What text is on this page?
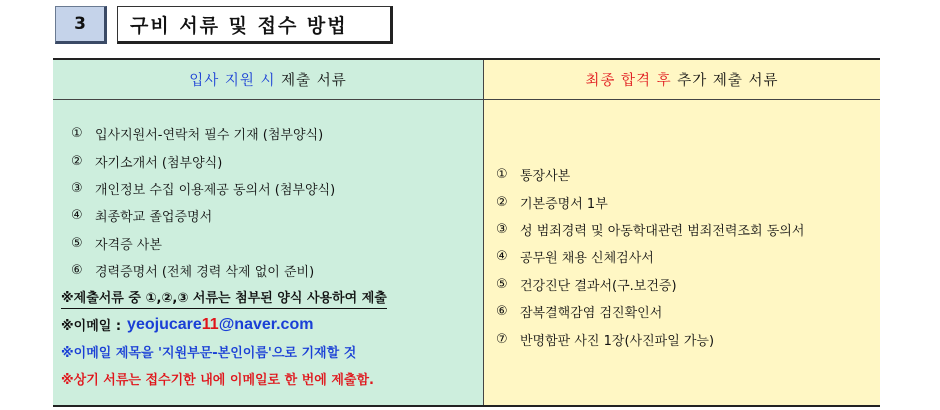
3	구비 서류 및 접수 방법
입사 지원 시
제출 서류
① 입사지원서-연락처 필수 기재 (첨부양식)
② 자기소개서 (첨부양식)
③ 개인정보 수집 이용제공 동의서 (첨부양식)
④ 최종학교 졸업증명서
⑤ 자격증 사본
⑥ 경력증명서 (전체 경력 삭제 없이 준비)
※제출서류 중 ①,②,③ 서류는 첨부된 양식 사용하여 제출
※이메일 : yeojucare11@naver.com
※이메일 제목을 '지원부문-본인이름'으로 기재할 것
※상기 서류는 접수기한 내에 이메일로 한 번에 제출함.
최종 합격 후
추가 제출 서류
① 통장사본
② 기본증명서 1부
③ 성 범죄경력 및 아동학대관련 범죄전력조회 동의서
④ 공무원 채용 신체검사서
⑤ 건강진단 결과서(구.보건증)
⑥ 잠복결핵감염 검진확인서
⑦ 반명함판 사진 1장(사진파일 가능)
